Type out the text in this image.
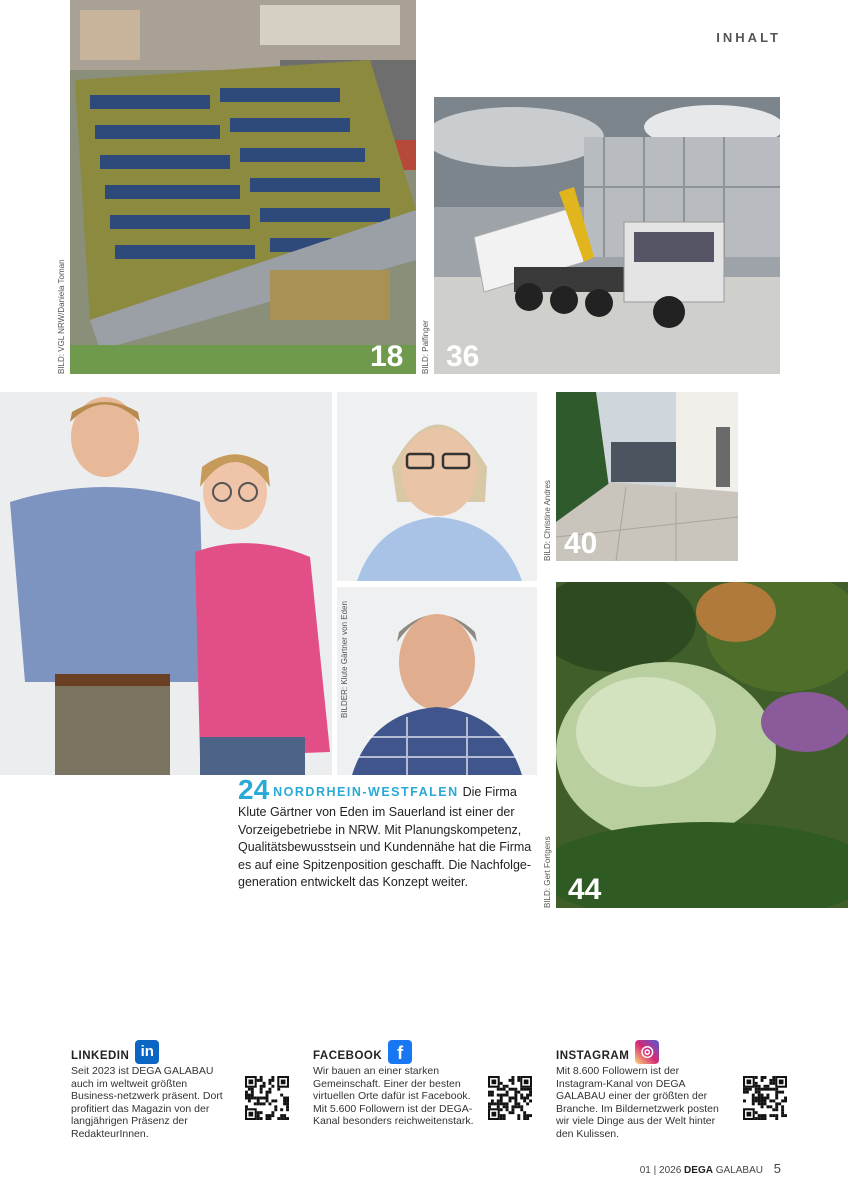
INHALT
18
BILD: VGL NRW/Daniela Toman	36
BILD: Palfinger
BILDER: Klute Gärtner von Eden
40
BILD: Christine Andres
44
BILD: Gert Fortgens
24 NORDRHEIN-WESTFALEN Die Firma Klute Gärtner von Eden im Sauerland ist einer der Vorzeigebetriebe in NRW. Mit Planungskompetenz, Qualitätsbewusstsein und Kundennähe hat die Firma es auf eine Spitzenposition geschafft. Die Nachfolge-generation entwickelt das Konzept weiter.
LINKEDIN in
Seit 2023 ist DEGA GALABAU auch im weltweit größten Business-netzwerk präsent. Dort profitiert das Magazin von der langjährigen Präsenz der RedakteurInnen.
FACEBOOK f
Wir bauen an einer starken Gemeinschaft. Einer der besten virtuellen Orte dafür ist Facebook. Mit 5.600 Followern ist der DEGA-Kanal besonders reichweitenstark.
INSTAGRAM ◎
Mit 8.600 Followern ist der Instagram-Kanal von DEGA GALABAU einer der größten der Branche. Im Bildernetzwerk posten wir viele Dinge aus der Welt hinter den Kulissen.
01 | 2026 DEGA GALABAU 5
